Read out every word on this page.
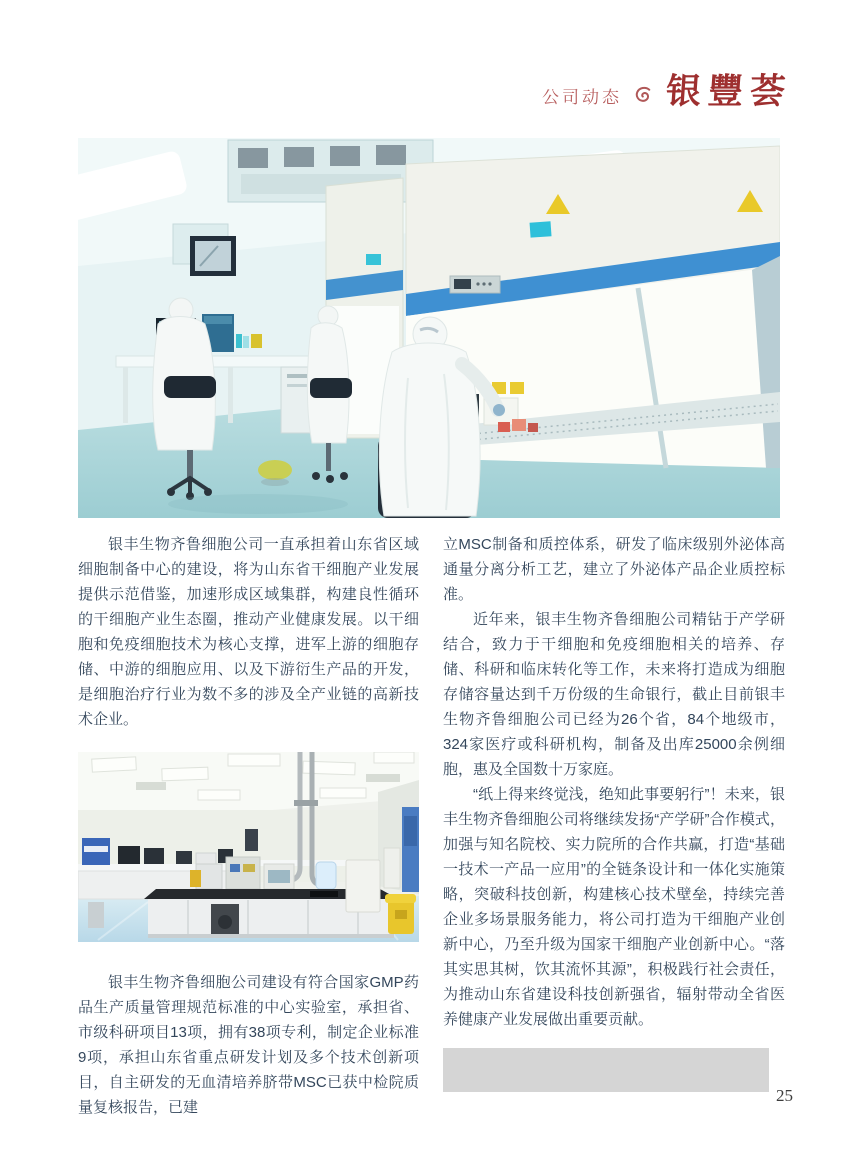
公司动态 银豐荟

银丰生物齐鲁细胞公司一直承担着山东省区域细胞制备中心的建设，将为山东省干细胞产业发展提供示范借鉴，加速形成区域集群，构建良性循环的干细胞产业生态圈，推动产业健康发展。以干细胞和免疫细胞技术为核心支撑，进军上游的细胞存储、中游的细胞应用、以及下游衍生产品的开发，是细胞治疗行业为数不多的涉及全产业链的高新技术企业。

银丰生物齐鲁细胞公司建设有符合国家GMP药品生产质量管理规范标准的中心实验室，承担省、市级科研项目13项，拥有38项专利，制定企业标准9项，承担山东省重点研发计划及多个技术创新项目，自主研发的无血清培养脐带MSC已获中检院质量复核报告，已建

立MSC制备和质控体系，研发了临床级别外泌体高通量分离分析工艺，建立了外泌体产品企业质控标准。

近年来，银丰生物齐鲁细胞公司精钻于产学研结合，致力于干细胞和免疫细胞相关的培养、存储、科研和临床转化等工作，未来将打造成为细胞存储容量达到千万份级的生命银行，截止目前银丰生物齐鲁细胞公司已经为26个省，84个地级市，324家医疗或科研机构，制备及出库25000余例细胞，惠及全国数十万家庭。

“纸上得来终觉浅，绝知此事要躬行”！未来，银丰生物齐鲁细胞公司将继续发扬“产学研”合作模式，加强与知名院校、实力院所的合作共赢，打造“基础一技术一产品一应用”的全链条设计和一体化实施策略，突破科技创新，构建核心技术壁垒，持续完善企业多场景服务能力，将公司打造为干细胞产业创新中心，乃至升级为国家干细胞产业创新中心。“落其实思其树，饮其流怀其源”，积极践行社会责任，为推动山东省建设科技创新强省，辐射带动全省医养健康产业发展做出重要贡献。

25
